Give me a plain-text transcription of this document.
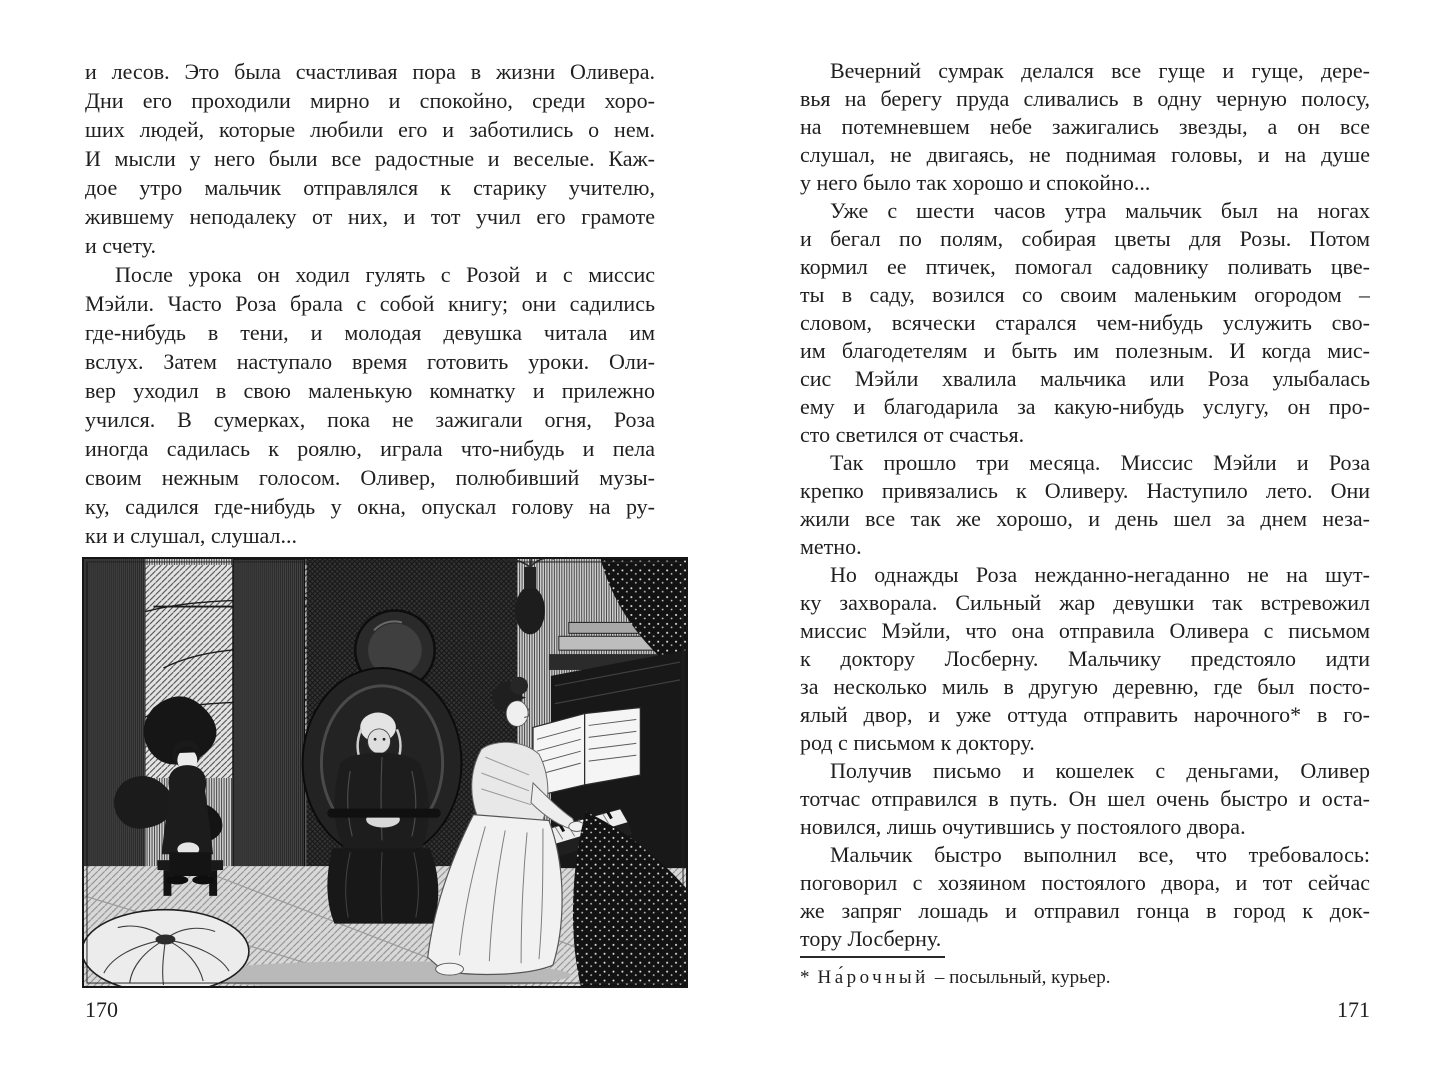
и лесов. Это была счастливая пора в жизни Оливера.
Дни его проходили мирно и спокойно, среди хоро-
ших людей, которые любили его и заботились о нем.
И мысли у него были все радостные и веселые. Каж-
дое утро мальчик отправлялся к старику учителю,
жившему неподалеку от них, и тот учил его грамоте
и счету.

После урока он ходил гулять с Розой и с миссис
Мэйли. Часто Роза брала с собой книгу; они садились
где-нибудь в тени, и молодая девушка читала им
вслух. Затем наступало время готовить уроки. Оли-
вер уходил в свою маленькую комнатку и прилежно
учился. В сумерках, пока не зажигали огня, Роза
иногда садилась к роялю, играла что-нибудь и пела
своим нежным голосом. Оливер, полюбивший музы-
ку, садился где-нибудь у окна, опускал голову на ру-
ки и слушал, слушал...

170

Вечерний сумрак делался все гуще и гуще, дере-
вья на берегу пруда сливались в одну черную полосу,
на потемневшем небе зажигались звезды, а он все
слушал, не двигаясь, не поднимая головы, и на душе
у него было так хорошо и спокойно...

Уже с шести часов утра мальчик был на ногах
и бегал по полям, собирая цветы для Розы. Потом
кормил ее птичек, помогал садовнику поливать цве-
ты в саду, возился со своим маленьким огородом –
словом, всячески старался чем-нибудь услужить сво-
им благодетелям и быть им полезным. И когда мис-
сис Мэйли хвалила мальчика или Роза улыбалась
ему и благодарила за какую-нибудь услугу, он про-
сто светился от счастья.

Так прошло три месяца. Миссис Мэйли и Роза
крепко привязались к Оливеру. Наступило лето. Они
жили все так же хорошо, и день шел за днем неза-
метно.

Но однажды Роза нежданно-негаданно не на шут-
ку захворала. Сильный жар девушки так встревожил
миссис Мэйли, что она отправила Оливера с письмом
к доктору Лосберну. Мальчику предстояло идти
за несколько миль в другую деревню, где был посто-
ялый двор, и уже оттуда отправить нарочного* в го-
род с письмом к доктору.

Получив письмо и кошелек с деньгами, Оливер
тотчас отправился в путь. Он шел очень быстро и оста-
новился, лишь очутившись у постоялого двора.

Мальчик быстро выполнил все, что требовалось:
поговорил с хозяином постоялого двора, и тот сейчас
же запряг лошадь и отправил гонца в город к док-
тору Лосберну.

* На́рочный – посыльный, курьер.
171
